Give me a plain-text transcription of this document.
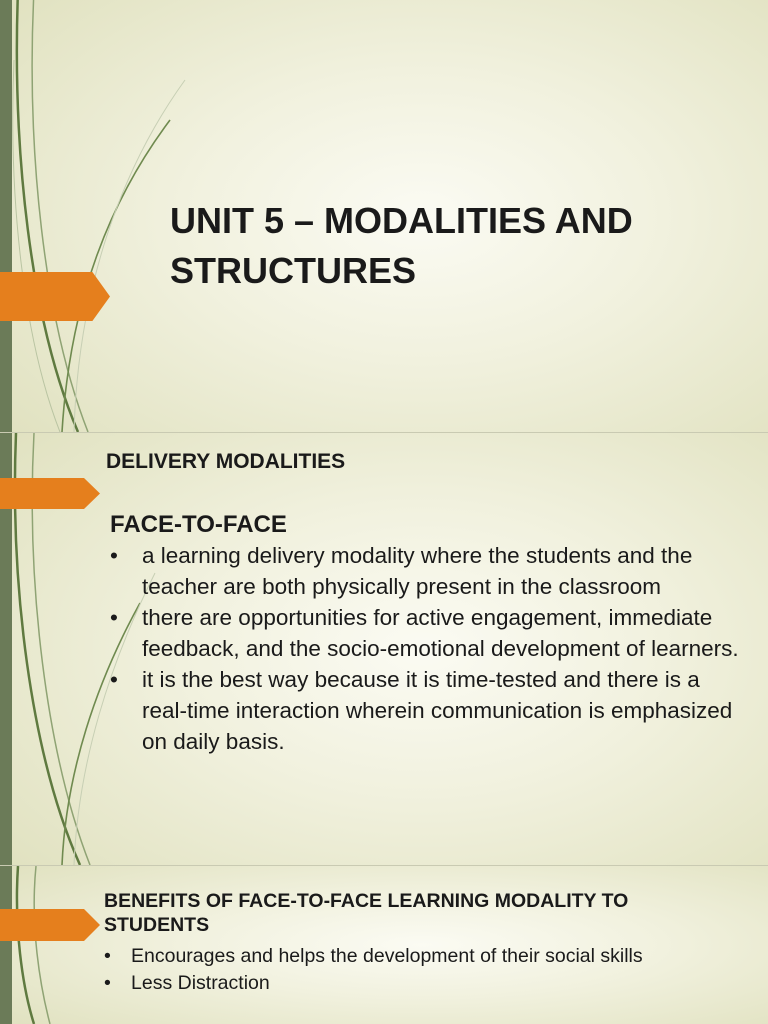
UNIT 5 – MODALITIES AND STRUCTURES
DELIVERY MODALITIES
FACE-TO-FACE
• a learning delivery modality where the students and the teacher are both physically present in the classroom
• there are opportunities for active engagement, immediate feedback, and the socio-emotional development of learners.
• it is the best way because it is time-tested and there is a real-time interaction wherein communication is emphasized on daily basis.
BENEFITS OF FACE-TO-FACE LEARNING MODALITY TO STUDENTS
• Encourages and helps the development of their social skills
• Less Distraction
